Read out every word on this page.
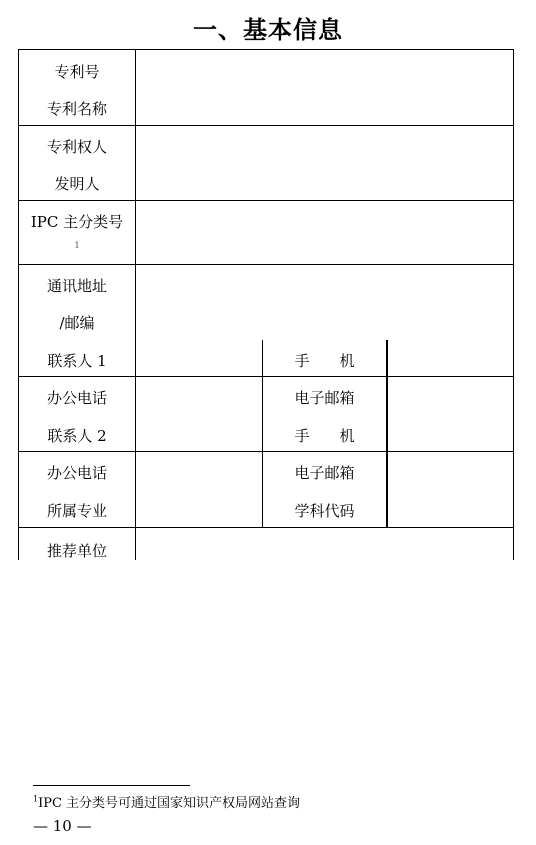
一、基本信息
专利号
专利名称
专利权人
发明人
IPC 主分类号
1
通讯地址
/邮编
联系人 1
办公电话
联系人 2
办公电话
所属专业
推荐单位
手　　机
电子邮箱
手　　机
电子邮箱
学科代码
$^1$IPC 主分类号可通过国家知识产权局网站查询
— 10 —
